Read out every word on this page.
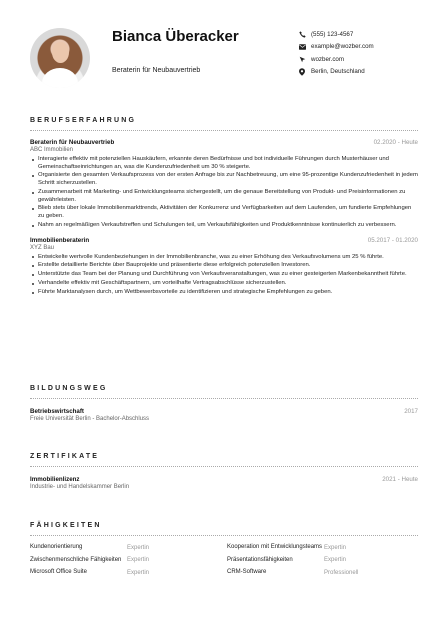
Bianca Überacker
Beraterin für Neubauvertrieb
(555) 123-4567
example@wozber.com
wozber.com
Berlin, Deutschland
BERUFSERFAHRUNG
Beraterin für Neubauvertrieb	02.2020 - Heute
ABC Immobilien
Interagierte effektiv mit potenziellen Hauskäufern, erkannte deren Bedürfnisse und bot individuelle Führungen durch Musterhäuser und Gemeinschaftseinrichtungen an, was die Kundenzufriedenheit um 30 % steigerte.
Organisierte den gesamten Verkaufsprozess von der ersten Anfrage bis zur Nachbetreuung, um eine 95-prozentige Kundenzufriedenheit in jedem Schritt sicherzustellen.
Zusammenarbeit mit Marketing- und Entwicklungsteams sichergestellt, um die genaue Bereitstellung von Produkt- und Preisinformationen zu gewährleisten.
Blieb stets über lokale Immobilienmarkttrends, Aktivitäten der Konkurrenz und Verfügbarkeiten auf dem Laufenden, um fundierte Empfehlungen zu geben.
Nahm an regelmäßigen Verkaufstreffen und Schulungen teil, um Verkaufsfähigkeiten und Produktkenntnisse kontinuierlich zu verbessern.
Immobilienberaterin	05.2017 - 01.2020
XYZ Bau
Entwickelte wertvolle Kundenbeziehungen in der Immobilienbranche, was zu einer Erhöhung des Verkaufsvolumens um 25 % führte.
Erstellte detaillierte Berichte über Bauprojekte und präsentierte diese erfolgreich potenziellen Investoren.
Unterstützte das Team bei der Planung und Durchführung von Verkaufsveranstaltungen, was zu einer gesteigerten Markenbekanntheit führte.
Verhandelte effektiv mit Geschäftspartnern, um vorteilhafte Vertragsabschlüsse sicherzustellen.
Führte Marktanalysen durch, um Wettbewerbsvorteile zu identifizieren und strategische Empfehlungen zu geben.
BILDUNGSWEG
Betriebswirtschaft	2017
Freie Universität Berlin - Bachelor-Abschluss
ZERTIFIKATE
Immobilienlizenz	2021 - Heute
Industrie- und Handelskammer Berlin
FÄHIGKEITEN
Kundenorientierung	Expertin	Kooperation mit Entwicklungsteams Expertin
Zwischenmenschliche Fähigkeiten Expertin	Präsentationsfähigkeiten	Expertin
Microsoft Office Suite	Expertin	CRM-Software	Professionell
